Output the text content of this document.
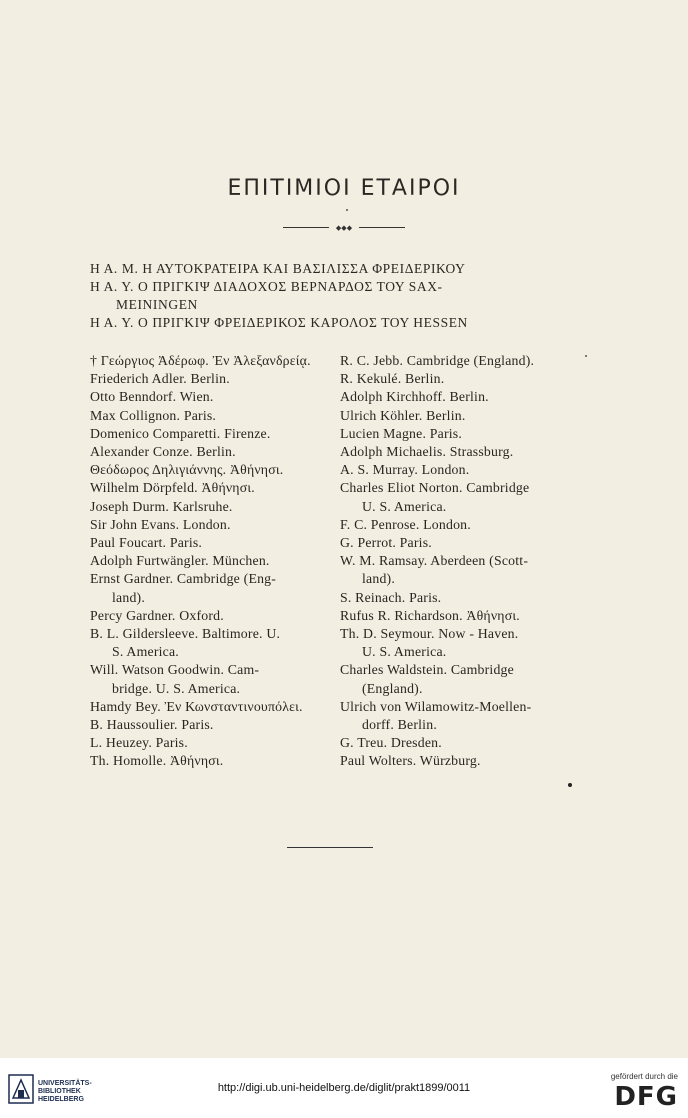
ΕΠΙΤΙΜΙΟΙ ΕΤΑΙΡΟΙ
◆◆◆
Η Α. Μ. Η ΑΥΤΟΚΡΑΤΕΙΡΑ ΚΑΙ ΒΑΣΙΛΙΣΣΑ ΦΡΕΙΔΕΡΙΚΟΥ
Η Α. Υ. Ο ΠΡΙΓΚΙΨ ΔΙΑΔΟΧΟΣ ΒΕΡΝΑΡΔΟΣ ΤΟΥ SAX-
MEININGEN
Η Α. Υ. Ο ΠΡΙΓΚΙΨ ΦΡΕΙΔΕΡΙΚΟΣ ΚΑΡΟΛΟΣ ΤΟΥ HESSEN
† Γεώργιος Ἀδέρωφ. Ἐν Ἀλεξανδρείᾳ.
Friederich Adler. Berlin.
Otto Benndorf. Wien.
Max Collignon. Paris.
Domenico Comparetti. Firenze.
Alexander Conze. Berlin.
Θεόδωρος Δηλιγιάννης. Ἀθήνησι.
Wilhelm Dörpfeld. Ἀθήνησι.
Joseph Durm. Karlsruhe.
Sir John Evans. London.
Paul Foucart. Paris.
Adolph Furtwängler. München.
Ernst Gardner. Cambridge (Eng-
land).
Percy Gardner. Oxford.
B. L. Gildersleeve. Baltimore. U.
S. America.
Will. Watson Goodwin. Cam-
bridge. U. S. America.
Hamdy Bey. Ἐν Κωνσταντινουπόλει.
B. Haussoulier. Paris.
L. Heuzey. Paris.
Th. Homolle. Ἀθήνησι.
R. C. Jebb. Cambridge (England).
R. Kekulé. Berlin.
Adolph Kirchhoff. Berlin.
Ulrich Köhler. Berlin.
Lucien Magne. Paris.
Adolph Michaelis. Strassburg.
A. S. Murray. London.
Charles Eliot Norton. Cambridge
U. S. America.
F. C. Penrose. London.
G. Perrot. Paris.
W. M. Ramsay. Aberdeen (Scott-
land).
S. Reinach. Paris.
Rufus R. Richardson. Ἀθήνησι.
Th. D. Seymour. Now - Haven.
U. S. America.
Charles Waldstein. Cambridge
(England).
Ulrich von Wilamowitz-Moellen-
dorff. Berlin.
G. Treu. Dresden.
Paul Wolters. Würzburg.
UNIVERSITÄTS-
BIBLIOTHEK
HEIDELBERG
http://digi.ub.uni-heidelberg.de/diglit/prakt1899/0011
gefördert durch die
DFG
